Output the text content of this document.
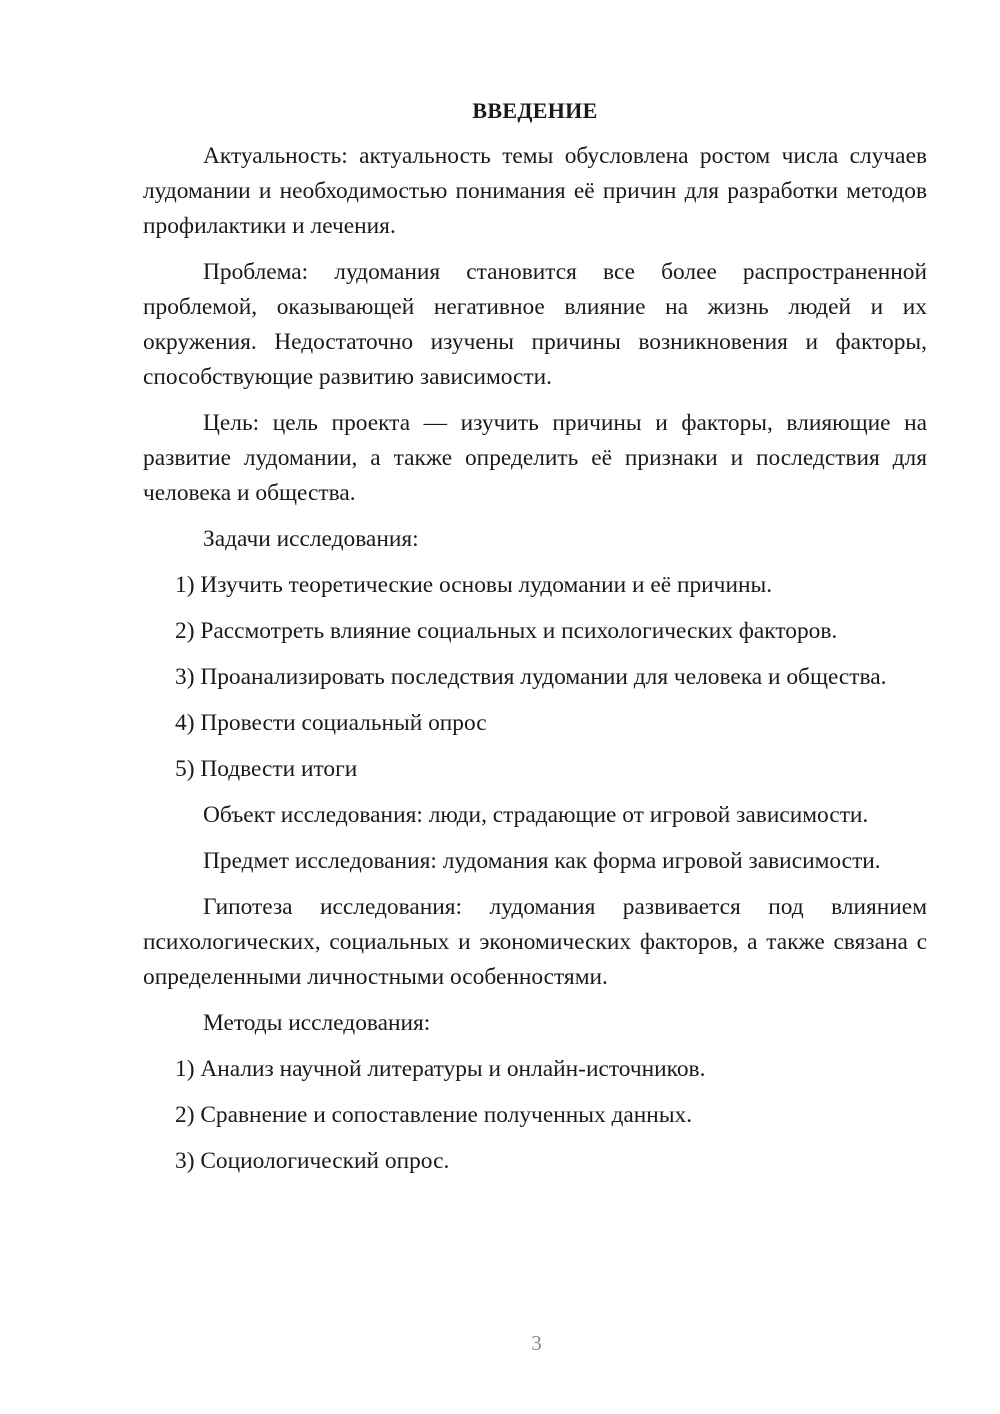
ВВЕДЕНИЕ

Актуальность: актуальность темы обусловлена ростом числа случаев лудомании и необходимостью понимания её причин для разработки методов профилактики и лечения.

Проблема: лудомания становится все более распространенной проблемой, оказывающей негативное влияние на жизнь людей и их окружения. Недостаточно изучены причины возникновения и факторы, способствующие развитию зависимости.

Цель: цель проекта — изучить причины и факторы, влияющие на развитие лудомании, а также определить её признаки и последствия для человека и общества.

Задачи исследования:

1) Изучить теоретические основы лудомании и её причины.

2) Рассмотреть влияние социальных и психологических факторов.

3) Проанализировать последствия лудомании для человека и общества.

4) Провести социальный опрос

5) Подвести итоги

Объект исследования: люди, страдающие от игровой зависимости.

Предмет исследования: лудомания как форма игровой зависимости.

Гипотеза исследования: лудомания развивается под влиянием психологических, социальных и экономических факторов, а также связана с определенными личностными особенностями.

Методы исследования:

1) Анализ научной литературы и онлайн-источников.

2) Сравнение и сопоставление полученных данных.

3) Социологический опрос.

3
